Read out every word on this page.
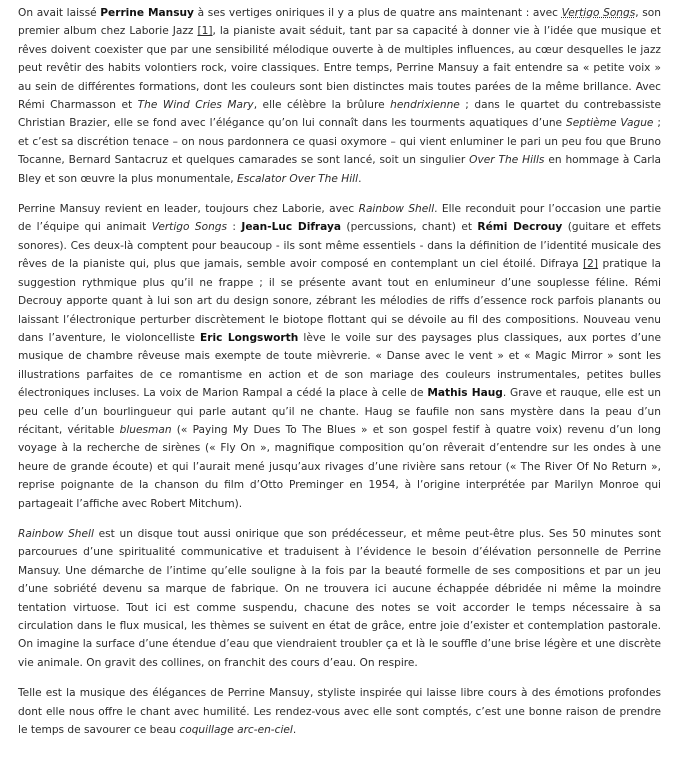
On avait laissé Perrine Mansuy à ses vertiges oniriques il y a plus de quatre ans maintenant : avec Vertigo Songs, son premier album chez Laborie Jazz [1], la pianiste avait séduit, tant par sa capacité à donner vie à l’idée que musique et rêves doivent coexister que par une sensibilité mélodique ouverte à de multiples influences, au cœur desquelles le jazz peut revêtir des habits volontiers rock, voire classiques. Entre temps, Perrine Mansuy a fait entendre sa « petite voix » au sein de différentes formations, dont les couleurs sont bien distinctes mais toutes parées de la même brillance. Avec Rémi Charmasson et The Wind Cries Mary, elle célèbre la brûlure hendrixienne ; dans le quartet du contrebassiste Christian Brazier, elle se fond avec l’élégance qu’on lui connaît dans les tourments aquatiques d’une Septième Vague ; et c’est sa discrétion tenace – on nous pardonnera ce quasi oxymore – qui vient enluminer le pari un peu fou que Bruno Tocanne, Bernard Santacruz et quelques camarades se sont lancé, soit un singulier Over The Hills en hommage à Carla Bley et son œuvre la plus monumentale, Escalator Over The Hill.

Perrine Mansuy revient en leader, toujours chez Laborie, avec Rainbow Shell. Elle reconduit pour l’occasion une partie de l’équipe qui animait Vertigo Songs : Jean-Luc Difraya (percussions, chant) et Rémi Decrouy (guitare et effets sonores). Ces deux-là comptent pour beaucoup - ils sont même essentiels - dans la définition de l’identité musicale des rêves de la pianiste qui, plus que jamais, semble avoir composé en contemplant un ciel étoilé. Difraya [2] pratique la suggestion rythmique plus qu’il ne frappe ; il se présente avant tout en enlumineur d’une souplesse féline. Rémi Decrouy apporte quant à lui son art du design sonore, zébrant les mélodies de riffs d’essence rock parfois planants ou laissant l’électronique perturber discrètement le biotope flottant qui se dévoile au fil des compositions. Nouveau venu dans l’aventure, le violoncelliste Eric Longsworth lève le voile sur des paysages plus classiques, aux portes d’une musique de chambre rêveuse mais exempte de toute mièvrerie. « Danse avec le vent » et « Magic Mirror » sont les illustrations parfaites de ce romantisme en action et de son mariage des couleurs instrumentales, petites bulles électroniques incluses. La voix de Marion Rampal a cédé la place à celle de Mathis Haug. Grave et rauque, elle est un peu celle d’un bourlingueur qui parle autant qu’il ne chante. Haug se faufile non sans mystère dans la peau d’un récitant, véritable bluesman (« Paying My Dues To The Blues » et son gospel festif à quatre voix) revenu d’un long voyage à la recherche de sirènes (« Fly On », magnifique composition qu’on rêverait d’entendre sur les ondes à une heure de grande écoute) et qui l’aurait mené jusqu’aux rivages d’une rivière sans retour (« The River Of No Return », reprise poignante de la chanson du film d’Otto Preminger en 1954, à l’origine interprétée par Marilyn Monroe qui partageait l’affiche avec Robert Mitchum).

Rainbow Shell est un disque tout aussi onirique que son prédécesseur, et même peut-être plus. Ses 50 minutes sont parcourues d’une spiritualité communicative et traduisent à l’évidence le besoin d’élévation personnelle de Perrine Mansuy. Une démarche de l’intime qu’elle souligne à la fois par la beauté formelle de ses compositions et par un jeu d’une sobriété devenu sa marque de fabrique. On ne trouvera ici aucune échappée débridée ni même la moindre tentation virtuose. Tout ici est comme suspendu, chacune des notes se voit accorder le temps nécessaire à sa circulation dans le flux musical, les thèmes se suivent en état de grâce, entre joie d’exister et contemplation pastorale. On imagine la surface d’une étendue d’eau que viendraient troubler ça et là le souffle d’une brise légère et une discrète vie animale. On gravit des collines, on franchit des cours d’eau. On respire.

Telle est la musique des élégances de Perrine Mansuy, styliste inspirée qui laisse libre cours à des émotions profondes dont elle nous offre le chant avec humilité. Les rendez-vous avec elle sont comptés, c’est une bonne raison de prendre le temps de savourer ce beau coquillage arc-en-ciel.
